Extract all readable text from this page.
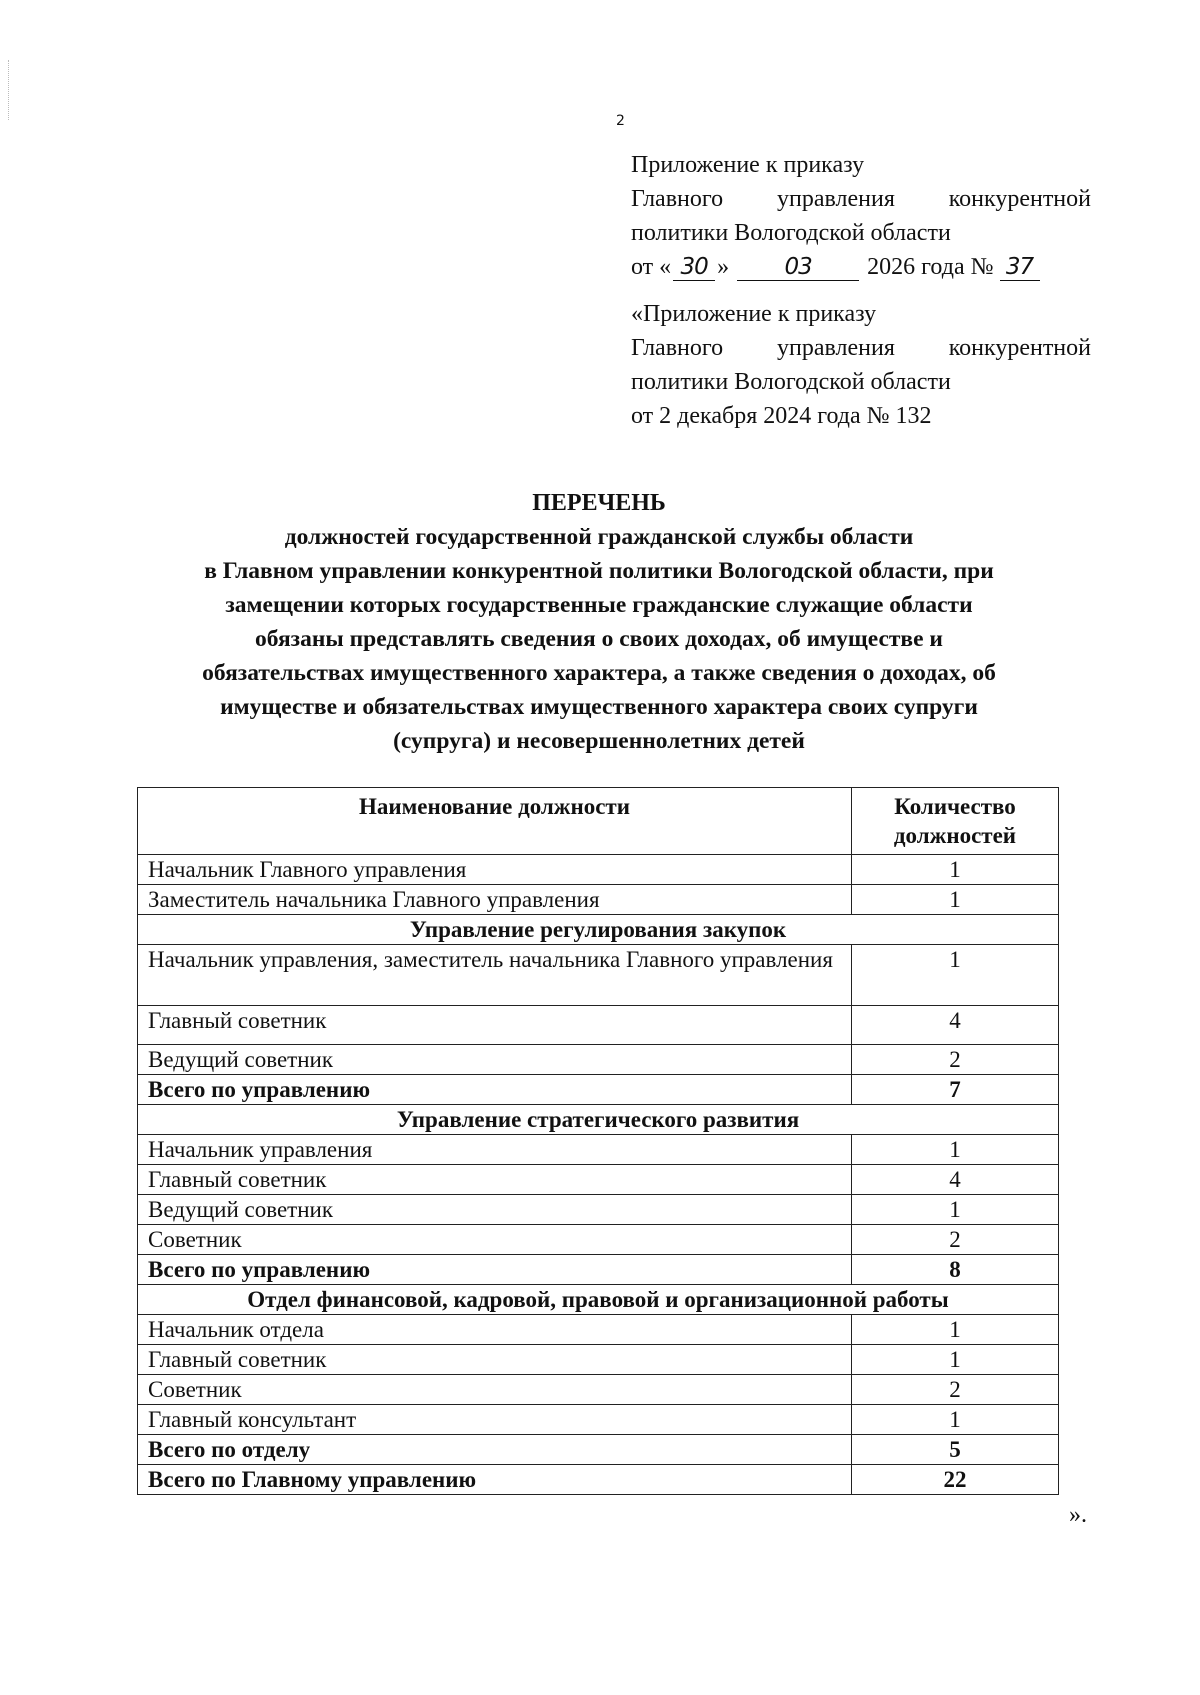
2
Приложение к приказу
Главного управления конкурентной
политики Вологодской области
от « 30 » 03 2026 года № 37
«Приложение к приказу
Главного управления конкурентной
политики Вологодской области
от 2 декабря 2024 года № 132
ПЕРЕЧЕНЬ
должностей государственной гражданской службы области
в Главном управлении конкурентной политики Вологодской области, при
замещении которых государственные гражданские служащие области
обязаны представлять сведения о своих доходах, об имуществе и
обязательствах имущественного характера, а также сведения о доходах, об
имуществе и обязательствах имущественного характера своих супруги
(супруга) и несовершеннолетних детей
Наименование должности	Количество должностей
Начальник Главного управления	1
Заместитель начальника Главного управления	1
Управление регулирования закупок	
Начальник управления, заместитель начальника Главного управления	1
Главный советник	4
Ведущий советник	2
Всего по управлению	7
Управление стратегического развития	
Начальник управления	1
Главный советник	4
Ведущий советник	1
Советник	2
Всего по управлению	8
Отдел финансовой, кадровой, правовой и организационной работы	
Начальник отдела	1
Главный советник	1
Советник	2
Главный консультант	1
Всего по отделу	5
Всего по Главному управлению	22
».
